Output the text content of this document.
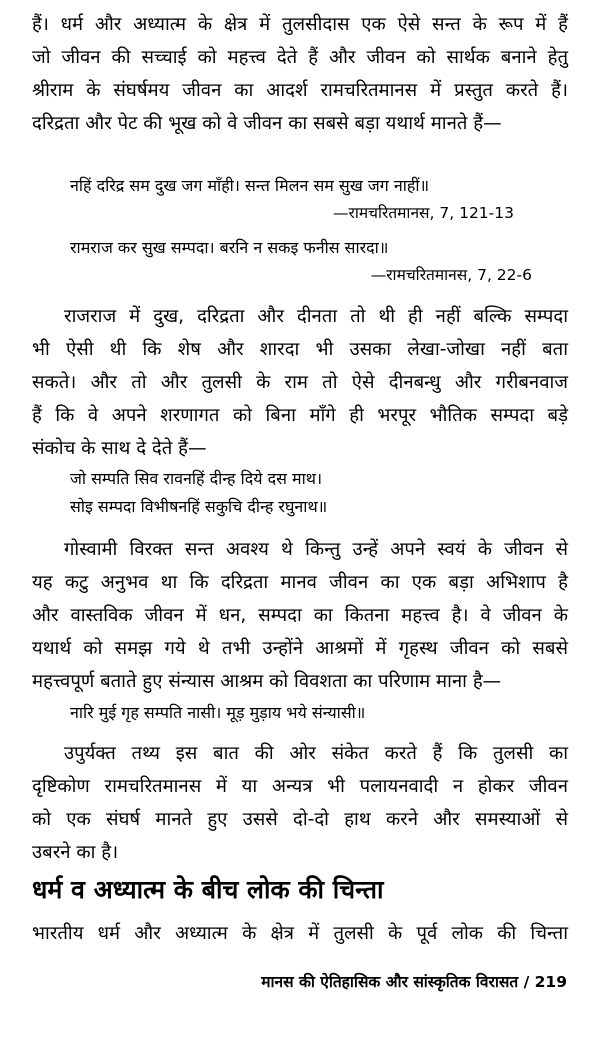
हैं। धर्म और अध्यात्म के क्षेत्र में तुलसीदास एक ऐसे सन्त के रूप में हैं
जो जीवन की सच्चाई को महत्त्व देते हैं और जीवन को सार्थक बनाने हेतु
श्रीराम के संघर्षमय जीवन का आदर्श रामचरितमानस में प्रस्तुत करते हैं।
दरिद्रता और पेट की भूख को वे जीवन का सबसे बड़ा यथार्थ मानते हैं—
नहिं दरिद्र सम दुख जग माँही। सन्त मिलन सम सुख जग नाहीं॥
—रामचरितमानस, 7, 121-13
रामराज कर सुख सम्पदा। बरनि न सकइ फनीस सारदा॥
—रामचरितमानस, 7, 22-6
राजराज में दुख, दरिद्रता और दीनता तो थी ही नहीं बल्कि सम्पदा
भी ऐसी थी कि शेष और शारदा भी उसका लेखा-जोखा नहीं बता
सकते। और तो और तुलसी के राम तो ऐसे दीनबन्धु और गरीबनवाज
हैं कि वे अपने शरणागत को बिना माँगे ही भरपूर भौतिक सम्पदा बड़े
संकोच के साथ दे देते हैं—
जो सम्पति सिव रावनहिं दीन्ह दिये दस माथ।
सोइ सम्पदा विभीषनहिं सकुचि दीन्ह रघुनाथ॥
गोस्वामी विरक्त सन्त अवश्य थे किन्तु उन्हें अपने स्वयं के जीवन से
यह कटु अनुभव था कि दरिद्रता मानव जीवन का एक बड़ा अभिशाप है
और वास्तविक जीवन में धन, सम्पदा का कितना महत्त्व है। वे जीवन के
यथार्थ को समझ गये थे तभी उन्होंने आश्रमों में गृहस्थ जीवन को सबसे
महत्त्वपूर्ण बताते हुए संन्यास आश्रम को विवशता का परिणाम माना है—
नारि मुई गृह सम्पति नासी। मूड़ मुड़ाय भये संन्यासी॥
उपुर्यक्त तथ्य इस बात की ओर संकेत करते हैं कि तुलसी का
दृष्टिकोण रामचरितमानस में या अन्यत्र भी पलायनवादी न होकर जीवन
को एक संघर्ष मानते हुए उससे दो-दो हाथ करने और समस्याओं से
उबरने का है।
धर्म व अध्यात्म के बीच लोक की चिन्ता
भारतीय धर्म और अध्यात्म के क्षेत्र में तुलसी के पूर्व लोक की चिन्ता
मानस की ऐतिहासिक और सांस्कृतिक विरासत / 219
